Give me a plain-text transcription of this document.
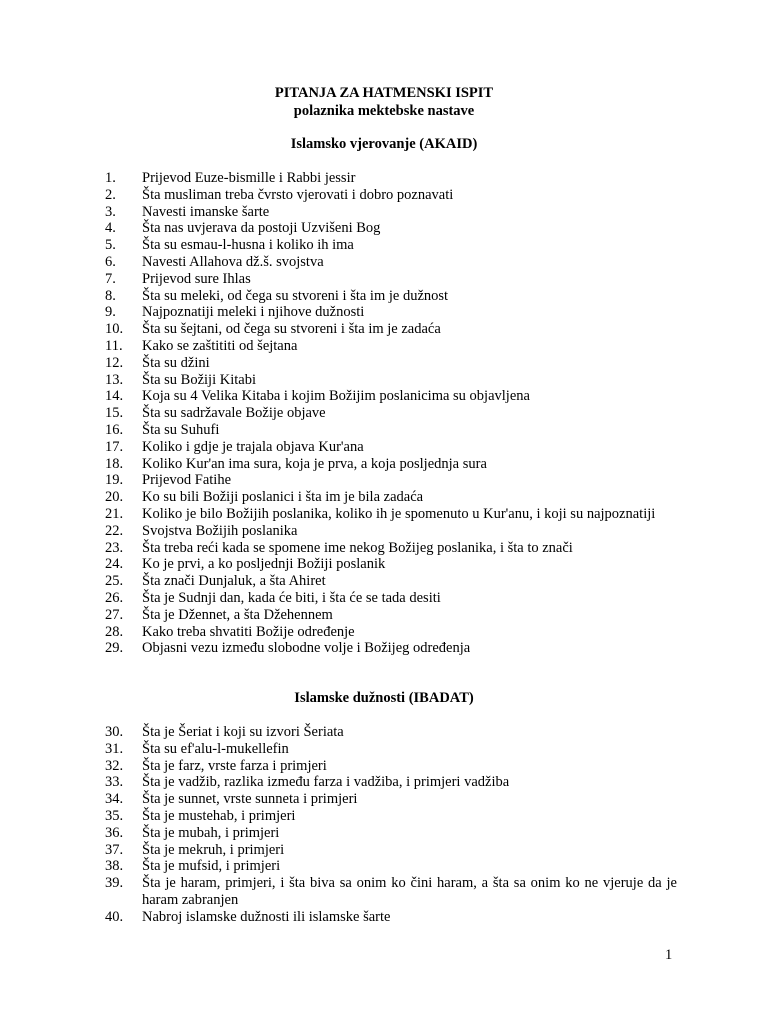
PITANJA ZA HATMENSKI ISPIT
polaznika mektebske nastave
Islamsko vjerovanje (AKAID)
1.	Prijevod Euze-bismille i Rabbi jessir
2.	Šta musliman treba čvrsto vjerovati i dobro poznavati
3.	Navesti imanske šarte
4.	Šta nas uvjerava da postoji Uzvišeni Bog
5.	Šta su esmau-l-husna i koliko ih ima
6.	Navesti Allahova dž.š. svojstva
7.	Prijevod sure Ihlas
8.	Šta su meleki, od čega su stvoreni i šta im je dužnost
9.	Najpoznatiji meleki i njihove dužnosti
10.	Šta su šejtani, od čega su stvoreni i šta im je zadaća
11.	Kako se zaštititi od šejtana
12.	Šta su džini
13.	Šta su Božiji Kitabi
14.	Koja su 4 Velika Kitaba i kojim Božijim poslanicima su objavljena
15.	Šta su sadržavale Božije objave
16.	Šta su Suhufi
17.	Koliko i gdje je trajala objava Kur'ana
18.	Koliko Kur'an ima sura, koja je prva, a koja posljednja sura
19.	Prijevod Fatihe
20.	Ko su bili Božiji poslanici i šta im je bila zadaća
21.	Koliko je bilo Božijih poslanika, koliko ih je spomenuto u Kur'anu, i koji su najpoznatiji
22.	Svojstva Božijih poslanika
23.	Šta treba reći kada se spomene ime nekog Božijeg poslanika, i šta to znači
24.	Ko je prvi, a ko posljednji Božiji poslanik
25.	Šta znači Dunjaluk, a šta Ahiret
26.	Šta je Sudnji dan, kada će biti, i šta će se tada desiti
27.	Šta je Džennet, a šta Džehennem
28.	Kako treba shvatiti Božije određenje
29.	Objasni vezu između slobodne volje i Božijeg određenja
Islamske dužnosti (IBADAT)
30.	Šta je Šeriat i koji su izvori Šeriata
31.	Šta su ef'alu-l-mukellefin
32.	Šta je farz, vrste farza i primjeri
33.	Šta je vadžib, razlika između farza i vadžiba, i primjeri vadžiba
34.	Šta je sunnet, vrste sunneta i primjeri
35.	Šta je mustehab, i primjeri
36.	Šta je mubah, i primjeri
37.	Šta je mekruh, i primjeri
38.	Šta je mufsid, i primjeri
39.	Šta je haram, primjeri, i šta biva sa onim ko čini haram, a šta sa onim ko ne vjeruje da je haram zabranjen
40.	Nabroj islamske dužnosti ili islamske šarte
1
